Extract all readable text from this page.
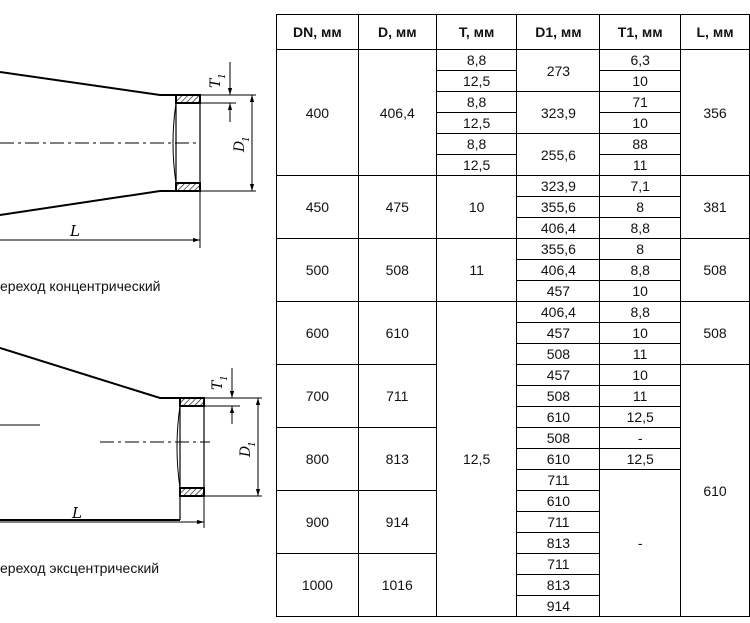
T
1
D
1
L
T
1
D
1
L
ереход концентрический
ереход эксцентрический
DN, мм	D, мм	T, мм	D1, мм	T1, мм	L, мм
400	406,4	8,8	273	6,3	356
		12,5		10	
		8,8	323,9	71	
		12,5		10	
		8,8	255,6	88	
		12,5		11	
450	475	10	323,9	7,1	381
			355,6	8	
			406,4	8,8	
500	508	11	355,6	8	508
			406,4	8,8	
			457	10	
600	610	12,5	406,4	8,8	508
			457	10	
			508	11	
700	711		457	10	610
			508	11	
			610	12,5	
800	813		508	-	
			610	12,5	
			711	-	
900	914		610		
			711		
			813		
1000	1016		711		
			813		
			914		
